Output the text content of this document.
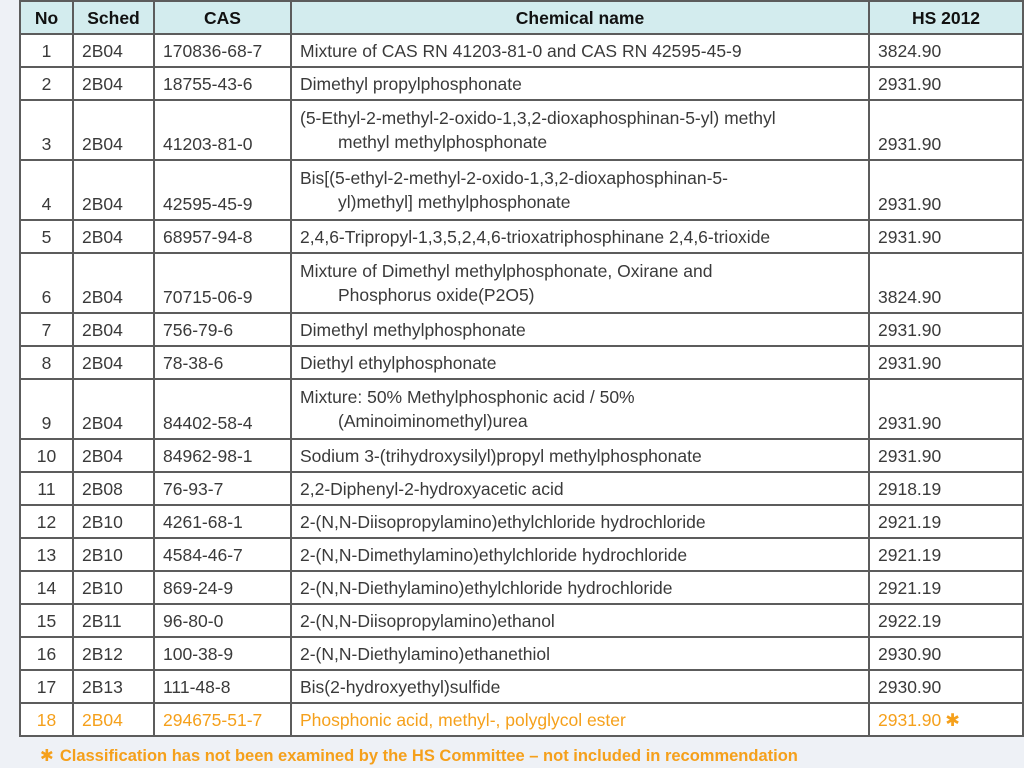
No	Sched	CAS	Chemical name	HS 2012
1	2B04	170836-68-7	Mixture of CAS RN 41203-81-0 and CAS RN 42595-45-9	3824.90
2	2B04	18755-43-6	Dimethyl propylphosphonate	2931.90
3	2B04	41203-81-0	(5-Ethyl-2-methyl-2-oxido-1,3,2-dioxaphosphinan-5-yl) methyl
methyl methylphosphonate	2931.90
4	2B04	42595-45-9	Bis[(5-ethyl-2-methyl-2-oxido-1,3,2-dioxaphosphinan-5-
yl)methyl] methylphosphonate	2931.90
5	2B04	68957-94-8	2,4,6-Tripropyl-1,3,5,2,4,6-trioxatriphosphinane 2,4,6-trioxide	2931.90
6	2B04	70715-06-9	Mixture of Dimethyl methylphosphonate, Oxirane and
Phosphorus oxide(P2O5)	3824.90
7	2B04	756-79-6	Dimethyl methylphosphonate	2931.90
8	2B04	78-38-6	Diethyl ethylphosphonate	2931.90
9	2B04	84402-58-4	Mixture: 50% Methylphosphonic acid / 50%
(Aminoiminomethyl)urea	2931.90
10	2B04	84962-98-1	Sodium 3-(trihydroxysilyl)propyl methylphosphonate	2931.90
11	2B08	76-93-7	2,2-Diphenyl-2-hydroxyacetic acid	2918.19
12	2B10	4261-68-1	2-(N,N-Diisopropylamino)ethylchloride hydrochloride	2921.19
13	2B10	4584-46-7	2-(N,N-Dimethylamino)ethylchloride hydrochloride	2921.19
14	2B10	869-24-9	2-(N,N-Diethylamino)ethylchloride hydrochloride	2921.19
15	2B11	96-80-0	2-(N,N-Diisopropylamino)ethanol	2922.19
16	2B12	100-38-9	2-(N,N-Diethylamino)ethanethiol	2930.90
17	2B13	111-48-8	Bis(2-hydroxyethyl)sulfide	2930.90
18	2B04	294675-51-7	Phosphonic acid, methyl-, polyglycol ester	2931.90 ✱
✱ Classification has not been examined by the HS Committee – not included in recommendation
